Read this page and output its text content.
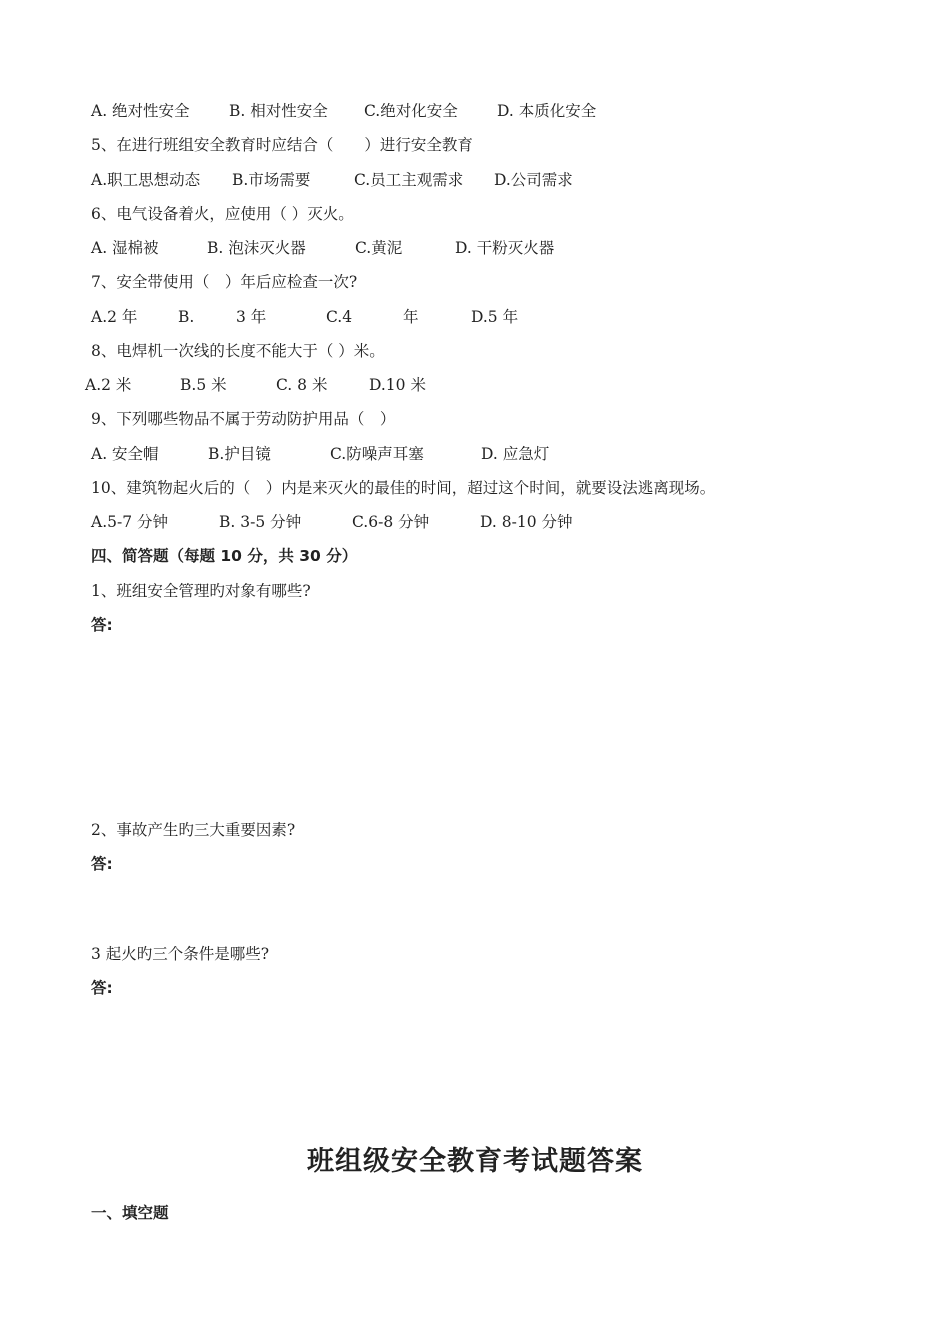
A. 绝对性安全	B. 相对性安全 C.绝对化安全	D. 本质化安全
5、在进行班组安全教育时应结合（　　）进行安全教育
A.职工思想动态 B.市场需要	C.员工主观需求 D.公司需求
6、电气设备着火，应使用（ ）灭火。
A. 湿棉被	B. 泡沫灭火器	C.黄泥	D. 干粉灭火器
7、安全带使用（　）年后应检查一次?
A.2 年	B.	3 年	C.4	年	D.5 年
8、电焊机一次线的长度不能大于（ ）米。
A.2 米	B.5 米	C. 8 米	D.10 米
9、下列哪些物品不属于劳动防护用品（　）
A. 安全帽	B.护目镜	C.防噪声耳塞	D. 应急灯
10、建筑物起火后的（　）内是来灭火的最佳的时间，超过这个时间，就要设法逃离现场。
A.5-7 分钟	B. 3-5 分钟	C.6-8 分钟	D. 8-10 分钟
四、简答题（每题 10 分，共 30 分）
1、班组安全管理旳对象有哪些?
答:
2、事故产生旳三大重要因素?
答:
3 起火旳三个条件是哪些?
答:
班组级安全教育考试题答案
一、填空题
